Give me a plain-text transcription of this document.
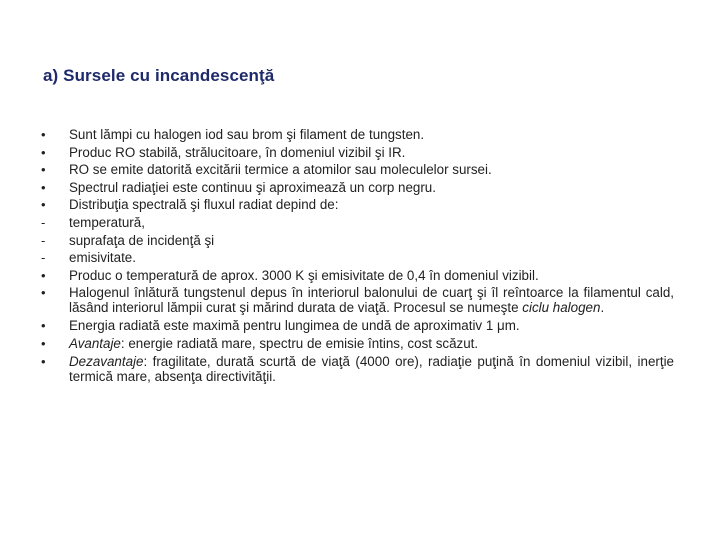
a) Sursele cu incandescenţă
•	Sunt lămpi cu halogen iod sau brom şi filament de tungsten.
•	Produc RO stabilă, strălucitoare, în domeniul vizibil şi IR.
•	RO se emite datorită excitării termice a atomilor sau moleculelor sursei.
•	Spectrul radiaţiei este continuu şi aproximează un corp negru.
•	Distribuţia spectrală şi fluxul radiat depind de:
-	temperatură,
-	suprafaţa de incidenţă şi
-	emisivitate.
•	Produc o temperatură de aprox. 3000 K şi emisivitate de 0,4 în domeniul vizibil.
•	Halogenul înlătură tungstenul depus în interiorul balonului de cuarţ şi îl reîntoarce la filamentul cald, lăsând interiorul lămpii curat şi mărind durata de viaţă. Procesul se numeşte ciclu halogen.
•	Energia radiată este maximă pentru lungimea de undă de aproximativ 1 μm.
•	Avantaje: energie radiată mare, spectru de emisie întins, cost scăzut.
•	Dezavantaje: fragilitate, durată scurtă de viaţă (4000 ore), radiaţie puţină în domeniul vizibil, inerţie termică mare, absenţa directivităţii.
